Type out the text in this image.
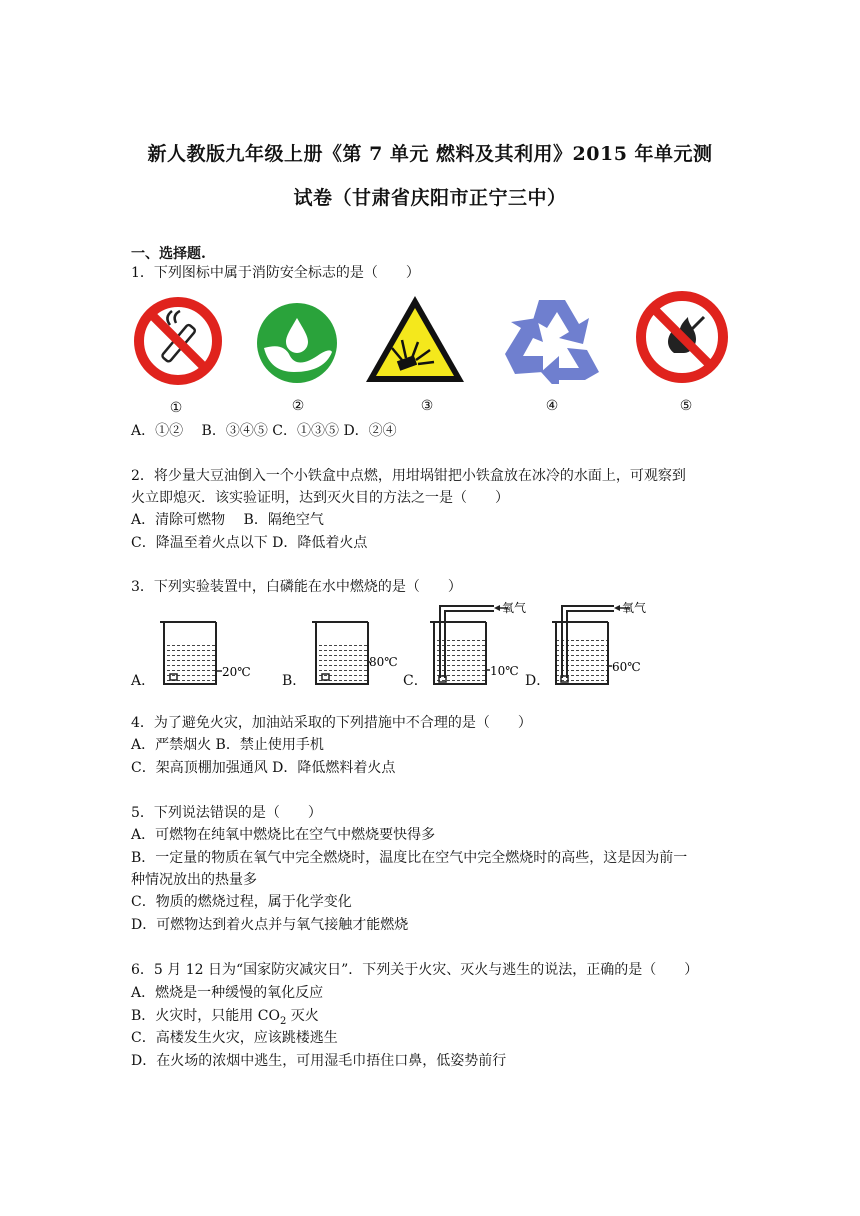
新人教版九年级上册《第 7 单元 燃料及其利用》2015 年单元测
试卷（甘肃省庆阳市正宁三中）
一、选择题.
1．下列图标中属于消防安全标志的是（　　）
①	②	③	④	⑤
A．①②　 B．③④⑤ C．①③⑤ D．②④
2．将少量大豆油倒入一个小铁盒中点燃，用坩埚钳把小铁盒放在冰冷的水面上，可观察到
火立即熄灭．该实验证明，达到灭火目的方法之一是（　　）
A．清除可燃物　 B．隔绝空气
C．降温至着火点以下 D．降低着火点
3．下列实验装置中，白磷能在水中燃烧的是（　　）
A．	B．	C．	D．
20℃
80℃
氧气
10℃
氧气
60℃
4．为了避免火灾，加油站采取的下列措施中不合理的是（　　）
A．严禁烟火 B．禁止使用手机
C．架高顶棚加强通风 D．降低燃料着火点
5．下列说法错误的是（　　）
A．可燃物在纯氧中燃烧比在空气中燃烧要快得多
B．一定量的物质在氧气中完全燃烧时，温度比在空气中完全燃烧时的高些，这是因为前一
种情况放出的热量多
C．物质的燃烧过程，属于化学变化
D．可燃物达到着火点并与氧气接触才能燃烧
6．5 月 12 日为“国家防灾减灾日”．下列关于火灾、灭火与逃生的说法，正确的是（　　）
A．燃烧是一种缓慢的氧化反应
B．火灾时，只能用 $CO_2$ 灭火
C．高楼发生火灾，应该跳楼逃生
D．在火场的浓烟中逃生，可用湿毛巾捂住口鼻，低姿势前行
